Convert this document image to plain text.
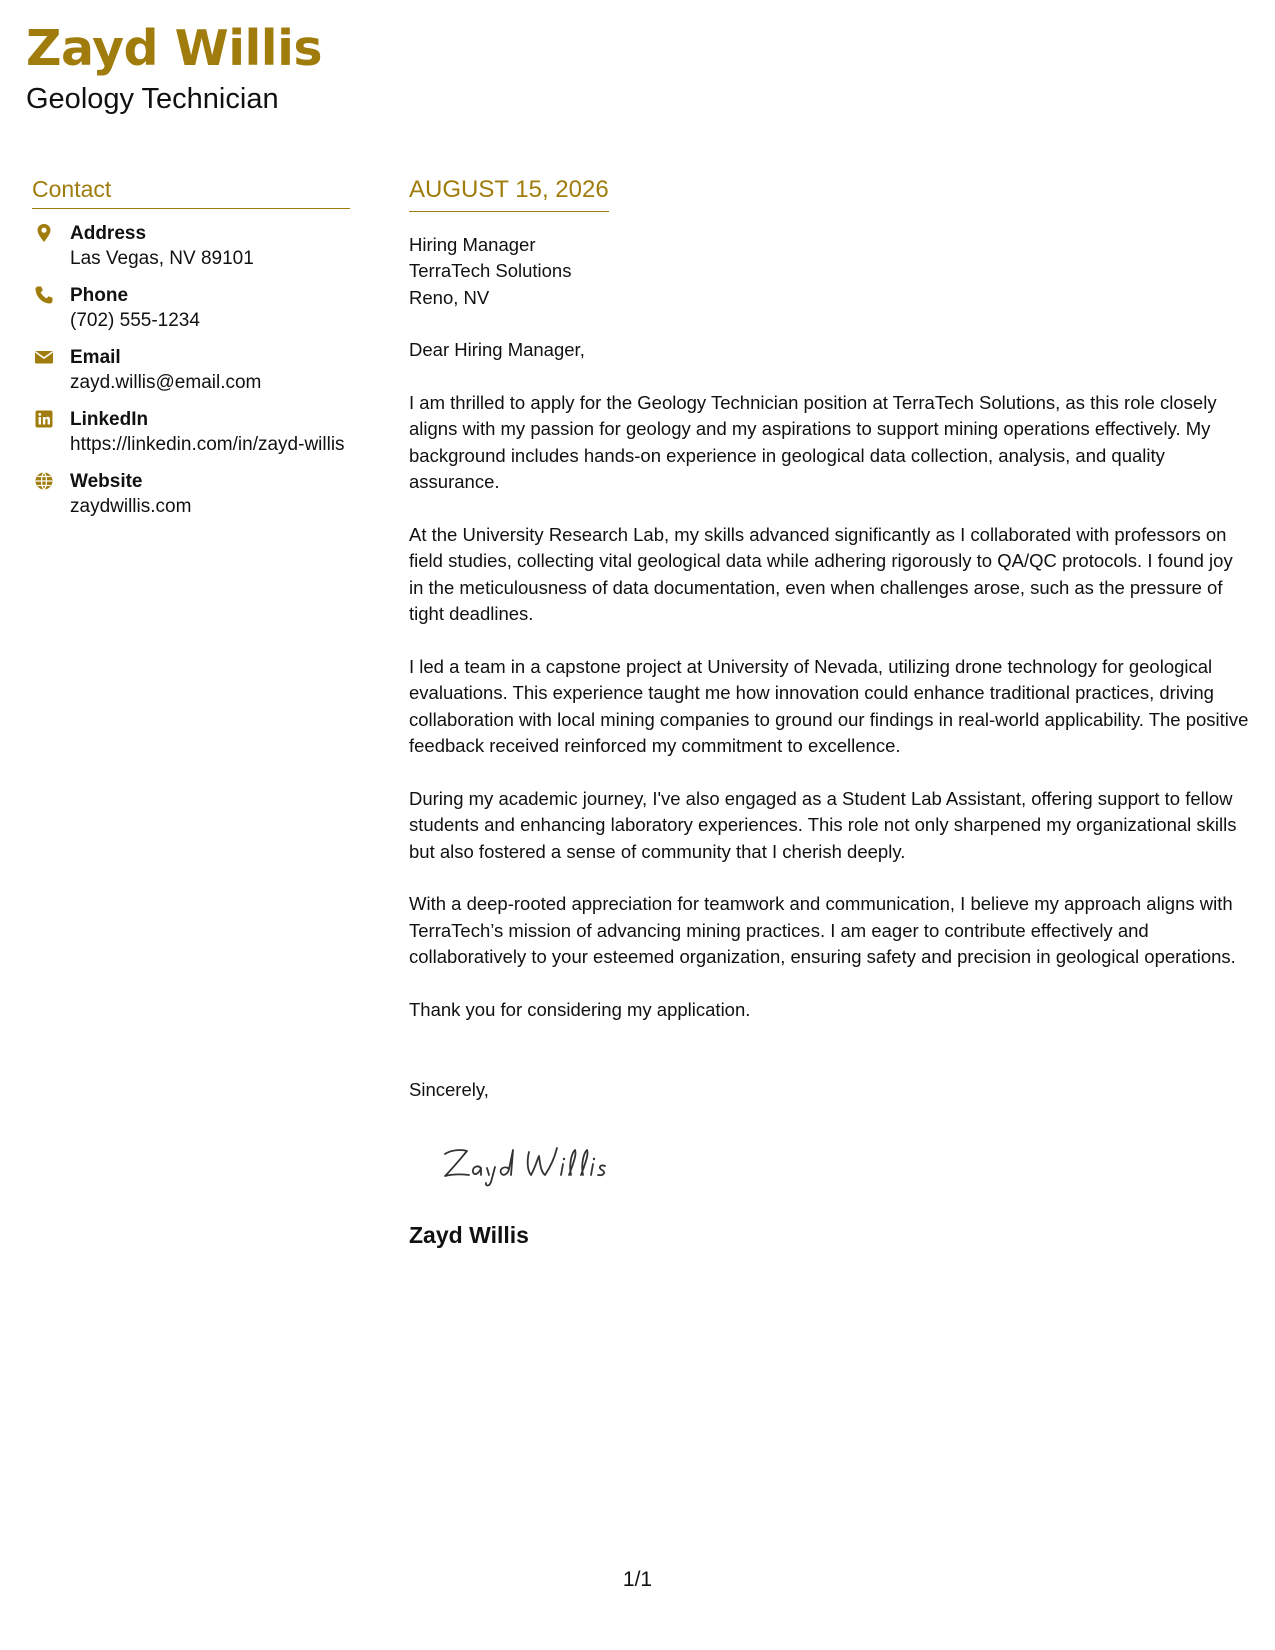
Zayd Willis
Geology Technician
Contact
Address
Las Vegas, NV 89101
Phone
(702) 555-1234
Email
zayd.willis@email.com
LinkedIn
https://linkedin.com/in/zayd-willis
Website
zaydwillis.com
AUGUST 15, 2026
Hiring Manager
TerraTech Solutions
Reno, NV

Dear Hiring Manager,

I am thrilled to apply for the Geology Technician position at TerraTech Solutions, as this role closely aligns with my passion for geology and my aspirations to support mining operations effectively. My background includes hands-on experience in geological data collection, analysis, and quality assurance.

At the University Research Lab, my skills advanced significantly as I collaborated with professors on field studies, collecting vital geological data while adhering rigorously to QA/QC protocols. I found joy in the meticulousness of data documentation, even when challenges arose, such as the pressure of tight deadlines.

I led a team in a capstone project at University of Nevada, utilizing drone technology for geological evaluations. This experience taught me how innovation could enhance traditional practices, driving collaboration with local mining companies to ground our findings in real-world applicability. The positive feedback received reinforced my commitment to excellence.

During my academic journey, I've also engaged as a Student Lab Assistant, offering support to fellow students and enhancing laboratory experiences. This role not only sharpened my organizational skills but also fostered a sense of community that I cherish deeply.

With a deep-rooted appreciation for teamwork and communication, I believe my approach aligns with TerraTech’s mission of advancing mining practices. I am eager to contribute effectively and collaboratively to your esteemed organization, ensuring safety and precision in geological operations.

Thank you for considering my application.

Sincerely,
Zayd Willis
1/1
